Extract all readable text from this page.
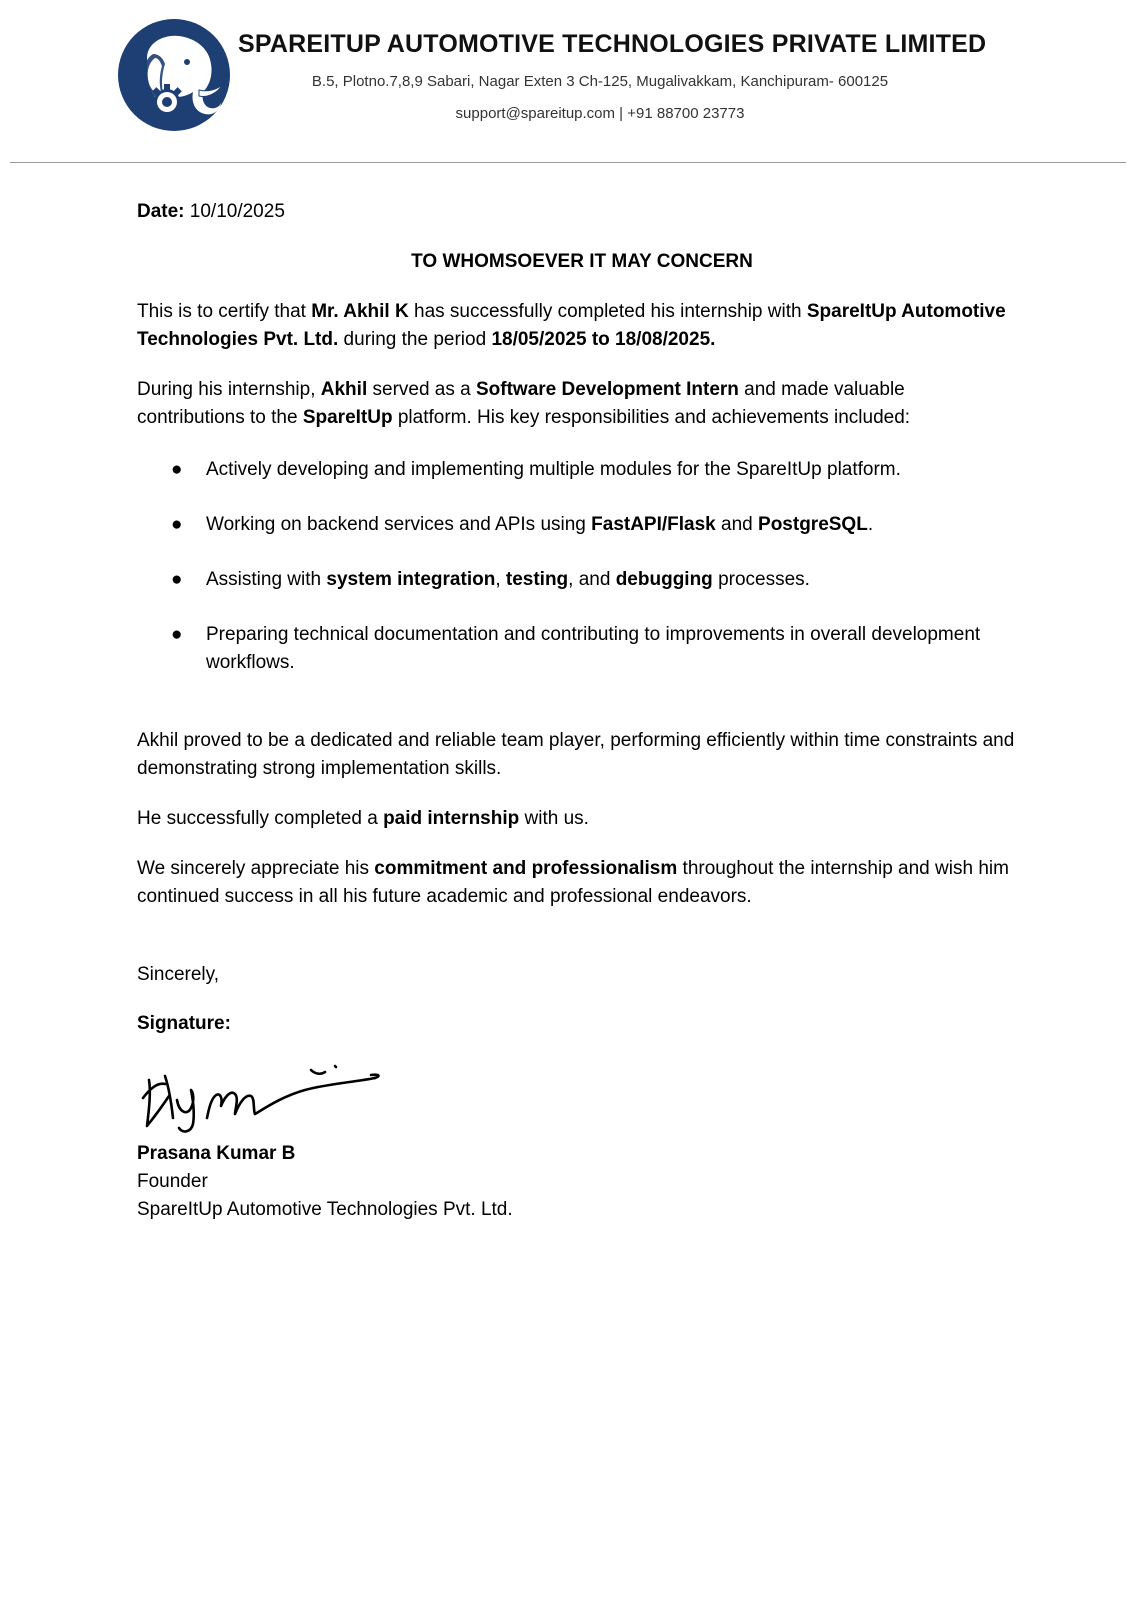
SPAREITUP AUTOMOTIVE TECHNOLOGIES PRIVATE LIMITED
B.5, Plotno.7,8,9 Sabari, Nagar Exten 3 Ch-125, Mugalivakkam, Kanchipuram- 600125
support@spareitup.com | +91 88700 23773

Date: 10/10/2025

TO WHOMSOEVER IT MAY CONCERN

This is to certify that Mr. Akhil K has successfully completed his internship with SpareItUp Automotive Technologies Pvt. Ltd. during the period 18/05/2025 to 18/08/2025.

During his internship, Akhil served as a Software Development Intern and made valuable contributions to the SpareItUp platform. His key responsibilities and achievements included:

● Actively developing and implementing multiple modules for the SpareItUp platform.
● Working on backend services and APIs using FastAPI/Flask and PostgreSQL.
● Assisting with system integration, testing, and debugging processes.
● Preparing technical documentation and contributing to improvements in overall development workflows.

Akhil proved to be a dedicated and reliable team player, performing efficiently within time constraints and demonstrating strong implementation skills.

He successfully completed a paid internship with us.

We sincerely appreciate his commitment and professionalism throughout the internship and wish him continued success in all his future academic and professional endeavors.

Sincerely,

Signature:

Prasana Kumar B

Founder

SpareItUp Automotive Technologies Pvt. Ltd.
